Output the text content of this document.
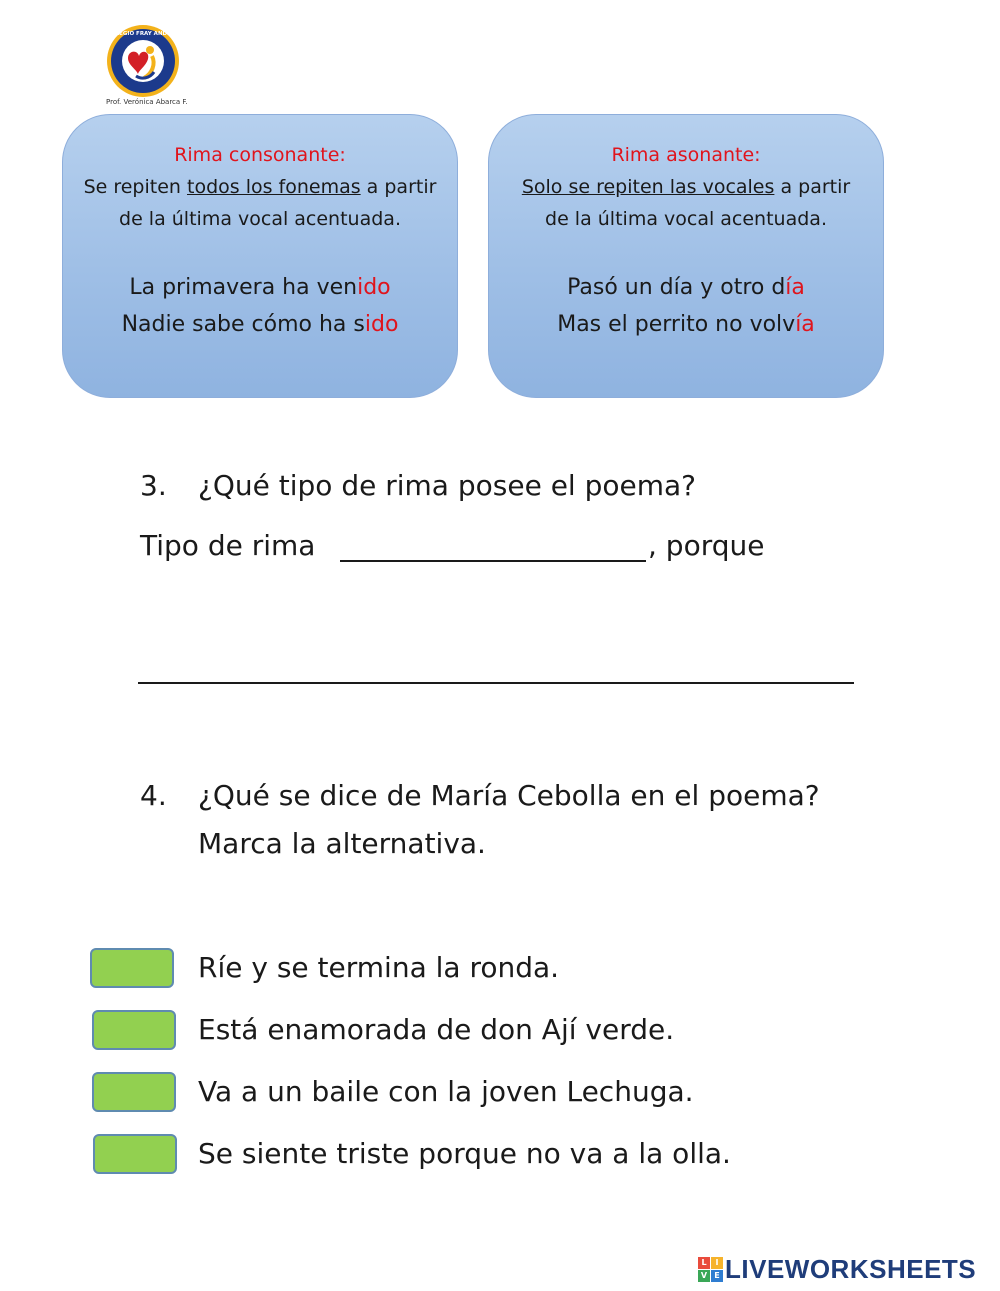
COLEGIO FRAY ANDRES
Prof. Verónica Abarca F.
Rima consonante:
Se repiten todos los fonemas a partir de la última vocal acentuada.
La primavera ha venido
Nadie sabe cómo ha sido
Rima asonante:
Solo se repiten las vocales a partir de la última vocal acentuada.
Pasó un día y otro día
Mas el perrito no volvía
3. ¿Qué tipo de rima posee el poema?
Tipo de rima	, porque
4. ¿Qué se dice de María Cebolla en el poema?
Marca la alternativa.
Ríe y se termina la ronda.
Está enamorada de don Ají verde.
Va a un baile con la joven Lechuga.
Se siente triste porque no va a la olla.
L	I
V E LIVEWORKSHEETS
